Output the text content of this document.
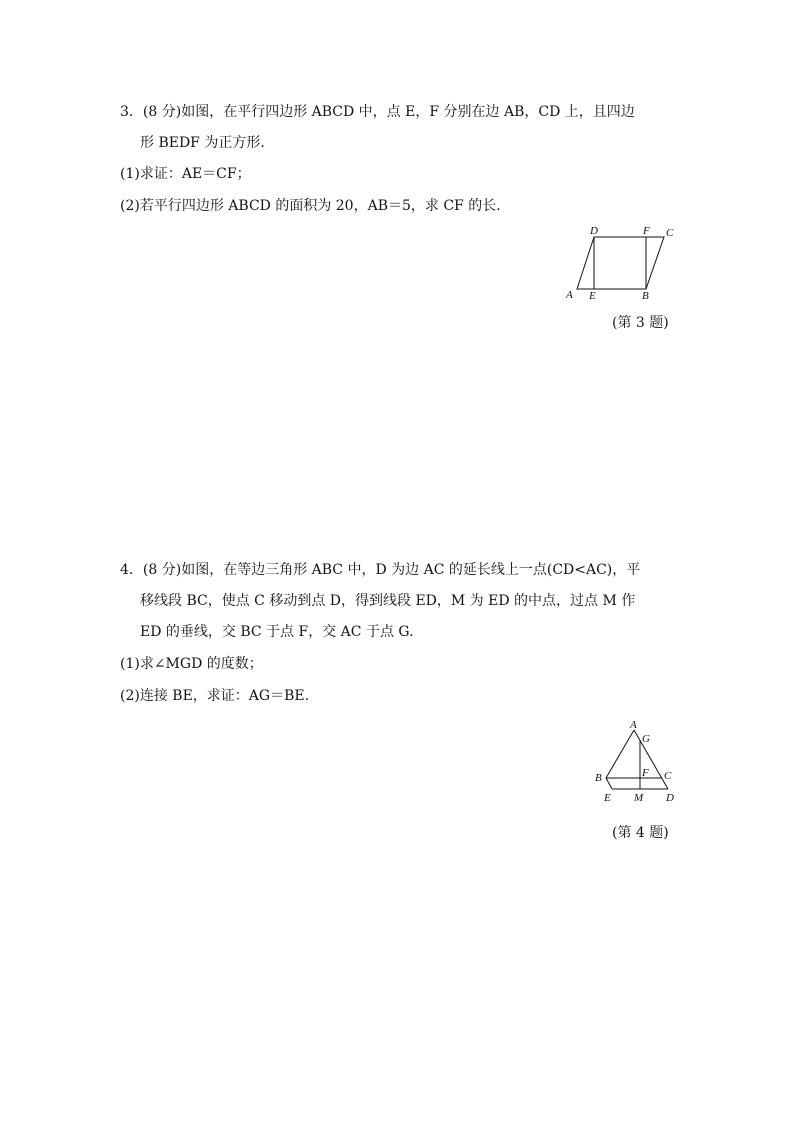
3．(8 分)如图，在平行四边形 ABCD 中，点 E，F 分别在边 AB，CD 上，且四边
形 BEDF 为正方形.
(1)求证：AE＝CF；
(2)若平行四边形 ABCD 的面积为 20，AB＝5，求 CF 的长.
A E	B
D	F C
(第 3 题)
4．(8 分)如图，在等边三角形 ABC 中，D 为边 AC 的延长线上一点(CD<AC)，平
移线段 BC，使点 C 移动到点 D，得到线段 ED，M 为 ED 的中点，过点 M 作
ED 的垂线，交 BC 于点 F，交 AC 于点 G.
(1)求∠MGD 的度数；
(2)连接 BE，求证：AG＝BE.
A
G
B	F C
E M D
(第 4 题)
